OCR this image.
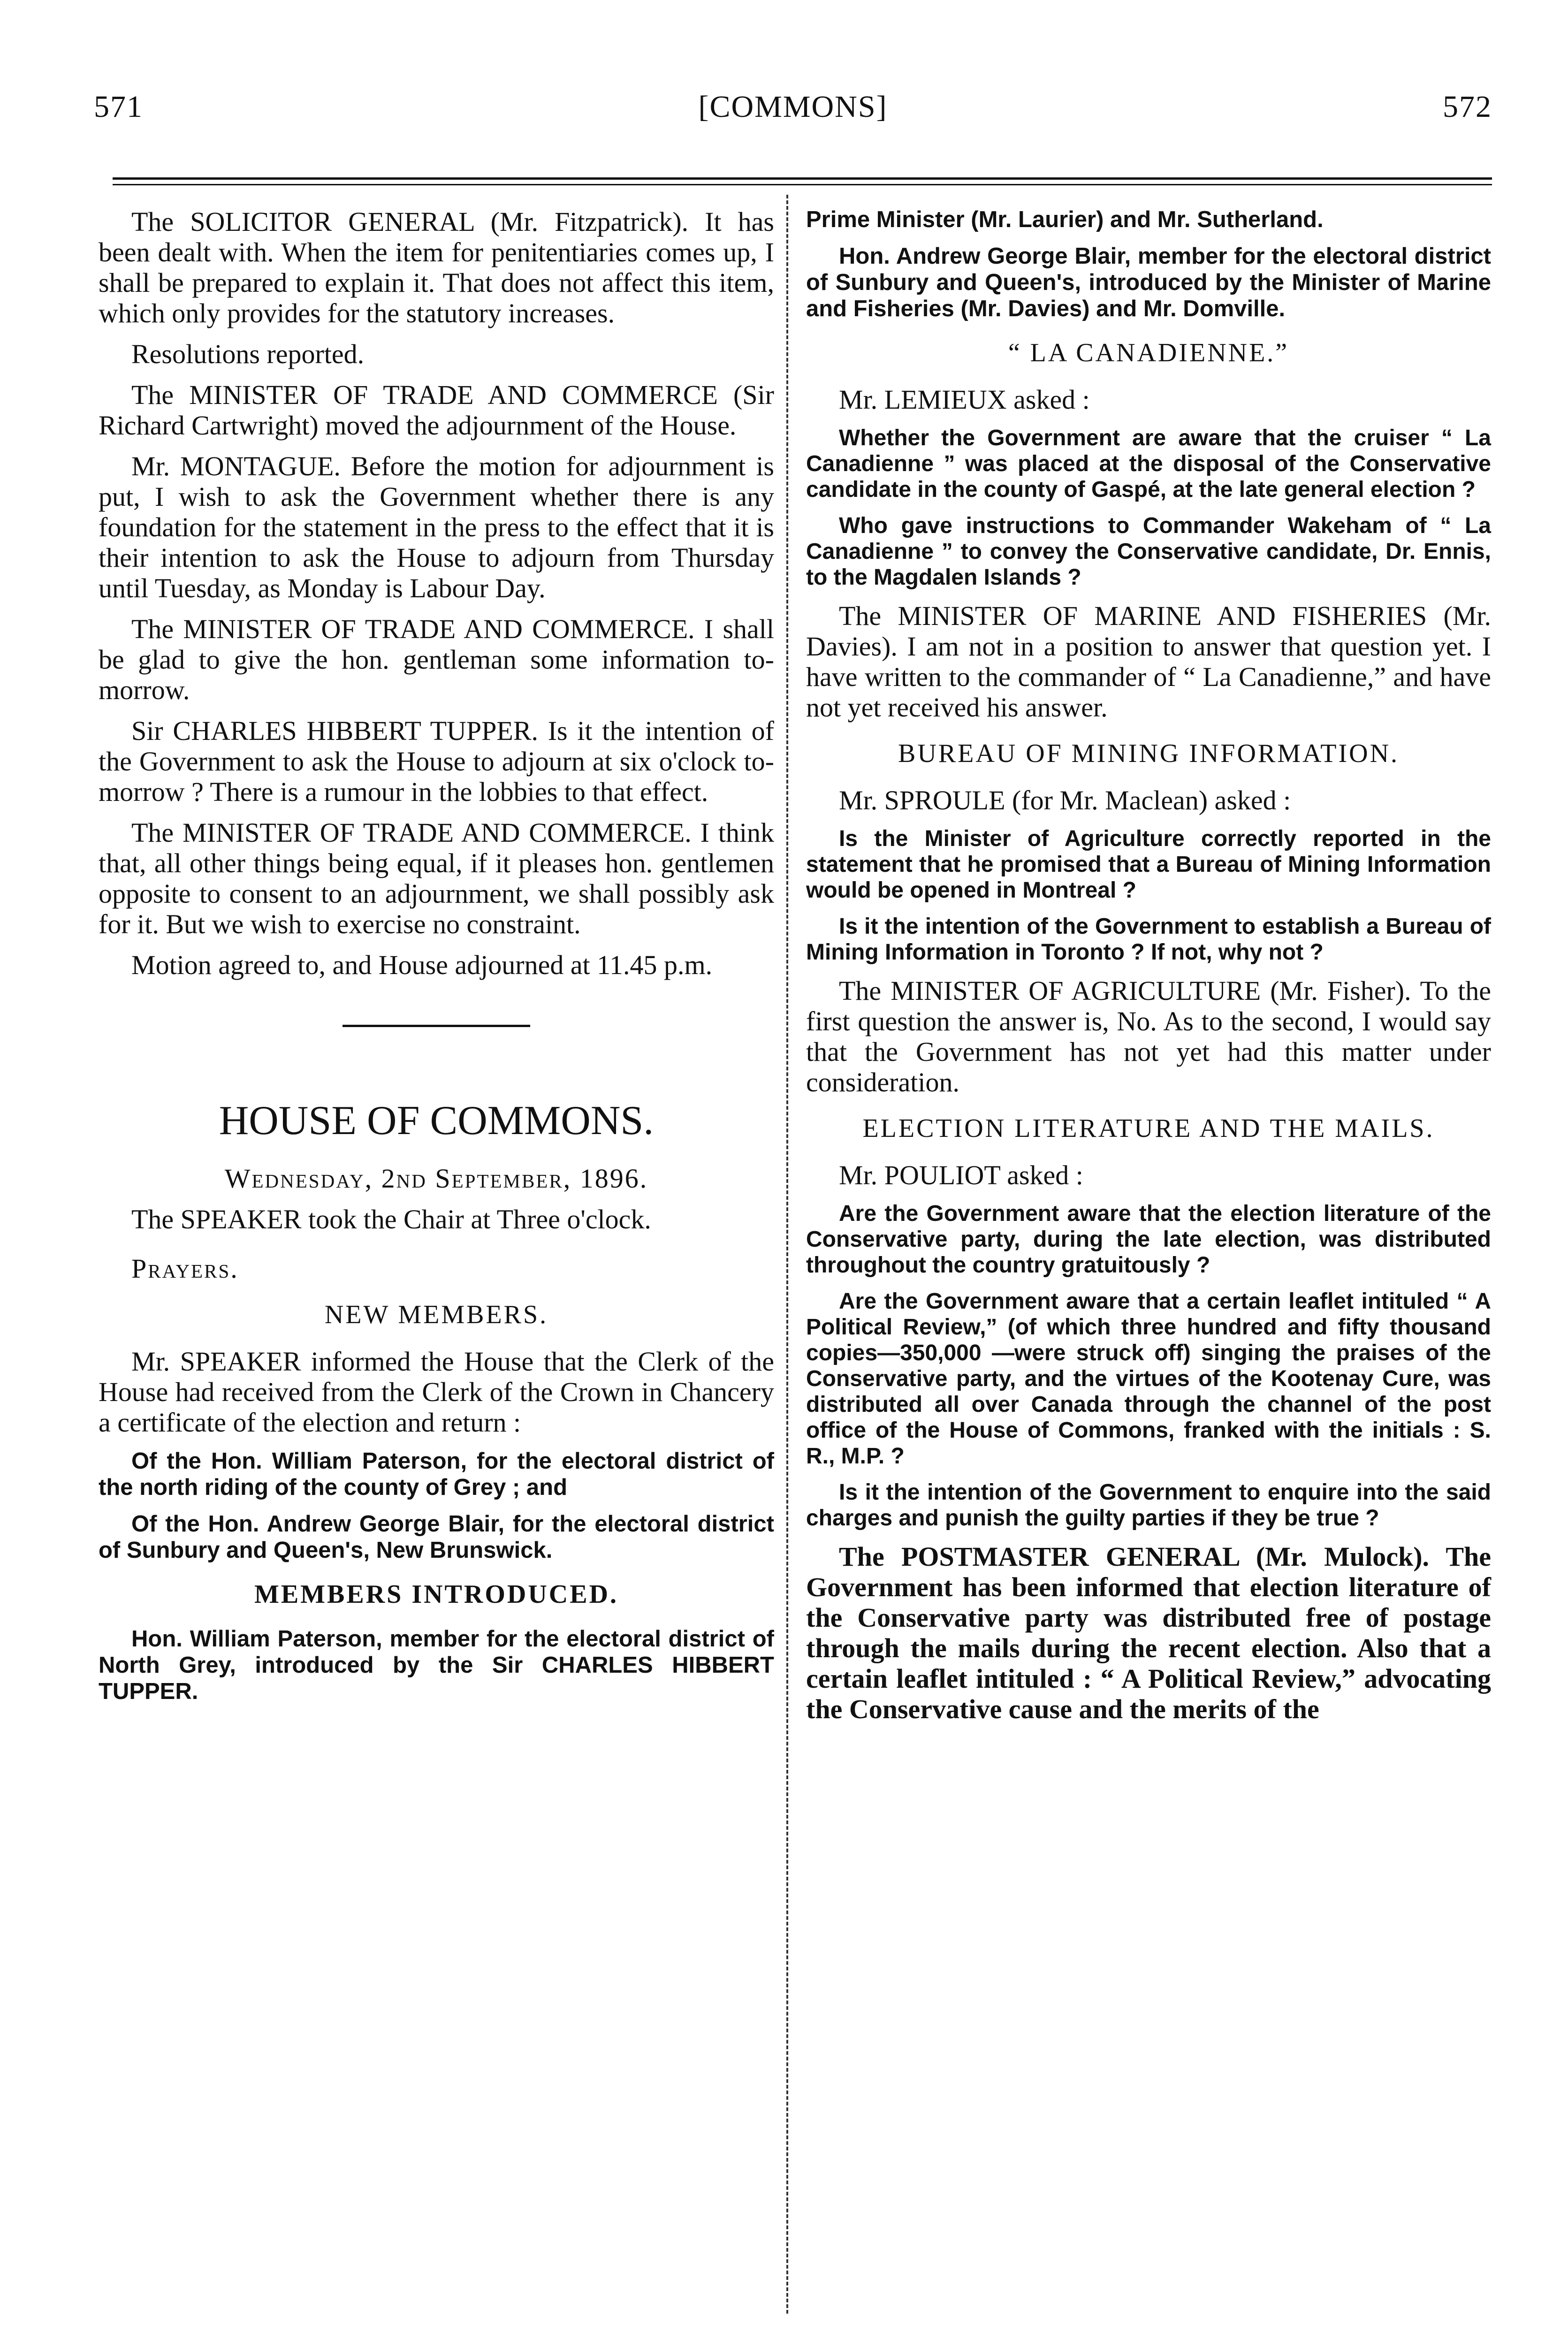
571	[COMMONS]	572

The SOLICITOR GENERAL (Mr. Fitzpatrick). It has been dealt with. When the item for penitentiaries comes up, I shall be prepared to explain it. That does not affect this item, which only provides for the statutory increases.

Resolutions reported.

The MINISTER OF TRADE AND COMMERCE (Sir Richard Cartwright) moved the adjournment of the House.

Mr. MONTAGUE. Before the motion for adjournment is put, I wish to ask the Government whether there is any foundation for the statement in the press to the effect that it is their intention to ask the House to adjourn from Thursday until Tuesday, as Monday is Labour Day.

The MINISTER OF TRADE AND COMMERCE. I shall be glad to give the hon. gentleman some information to-morrow.

Sir CHARLES HIBBERT TUPPER. Is it the intention of the Government to ask the House to adjourn at six o'clock to-morrow ? There is a rumour in the lobbies to that effect.

The MINISTER OF TRADE AND COMMERCE. I think that, all other things being equal, if it pleases hon. gentlemen opposite to consent to an adjournment, we shall possibly ask for it. But we wish to exercise no constraint.

Motion agreed to, and House adjourned at 11.45 p.m.

HOUSE OF COMMONS.

Wednesday, 2nd September, 1896.

The SPEAKER took the Chair at Three o'clock.

Prayers.

NEW MEMBERS.

Mr. SPEAKER informed the House that the Clerk of the House had received from the Clerk of the Crown in Chancery a certificate of the election and return :

Of the Hon. William Paterson, for the electoral district of the north riding of the county of Grey ; and

Of the Hon. Andrew George Blair, for the electoral district of Sunbury and Queen's, New Brunswick.

MEMBERS INTRODUCED.

Hon. William Paterson, member for the electoral district of North Grey, introduced by the Sir CHARLES HIBBERT TUPPER.

Prime Minister (Mr. Laurier) and Mr. Sutherland.

Hon. Andrew George Blair, member for the electoral district of Sunbury and Queen's, introduced by the Minister of Marine and Fisheries (Mr. Davies) and Mr. Domville.

“ LA CANADIENNE.”

Mr. LEMIEUX asked :

Whether the Government are aware that the cruiser “ La Canadienne ” was placed at the disposal of the Conservative candidate in the county of Gaspé, at the late general election ?

Who gave instructions to Commander Wakeham of “ La Canadienne ” to convey the Conservative candidate, Dr. Ennis, to the Magdalen Islands ?

The MINISTER OF MARINE AND FISHERIES (Mr. Davies). I am not in a position to answer that question yet. I have written to the commander of “ La Canadienne,” and have not yet received his answer.

BUREAU OF MINING INFORMATION.

Mr. SPROULE (for Mr. Maclean) asked :

Is the Minister of Agriculture correctly reported in the statement that he promised that a Bureau of Mining Information would be opened in Montreal ?

Is it the intention of the Government to establish a Bureau of Mining Information in Toronto ? If not, why not ?

The MINISTER OF AGRICULTURE (Mr. Fisher). To the first question the answer is, No. As to the second, I would say that the Government has not yet had this matter under consideration.

ELECTION LITERATURE AND THE MAILS.

Mr. POULIOT asked :

Are the Government aware that the election literature of the Conservative party, during the late election, was distributed throughout the country gratuitously ?

Are the Government aware that a certain leaflet intituled “ A Political Review,” (of which three hundred and fifty thousand copies—350,000 —were struck off) singing the praises of the Conservative party, and the virtues of the Kootenay Cure, was distributed all over Canada through the channel of the post office of the House of Commons, franked with the initials : S. R., M.P. ?

Is it the intention of the Government to enquire into the said charges and punish the guilty parties if they be true ?

The POSTMASTER GENERAL (Mr. Mulock). The Government has been informed that election literature of the Conservative party was distributed free of postage through the mails during the recent election. Also that a certain leaflet intituled : “ A Political Review,” advocating the Conservative cause and the merits of the
